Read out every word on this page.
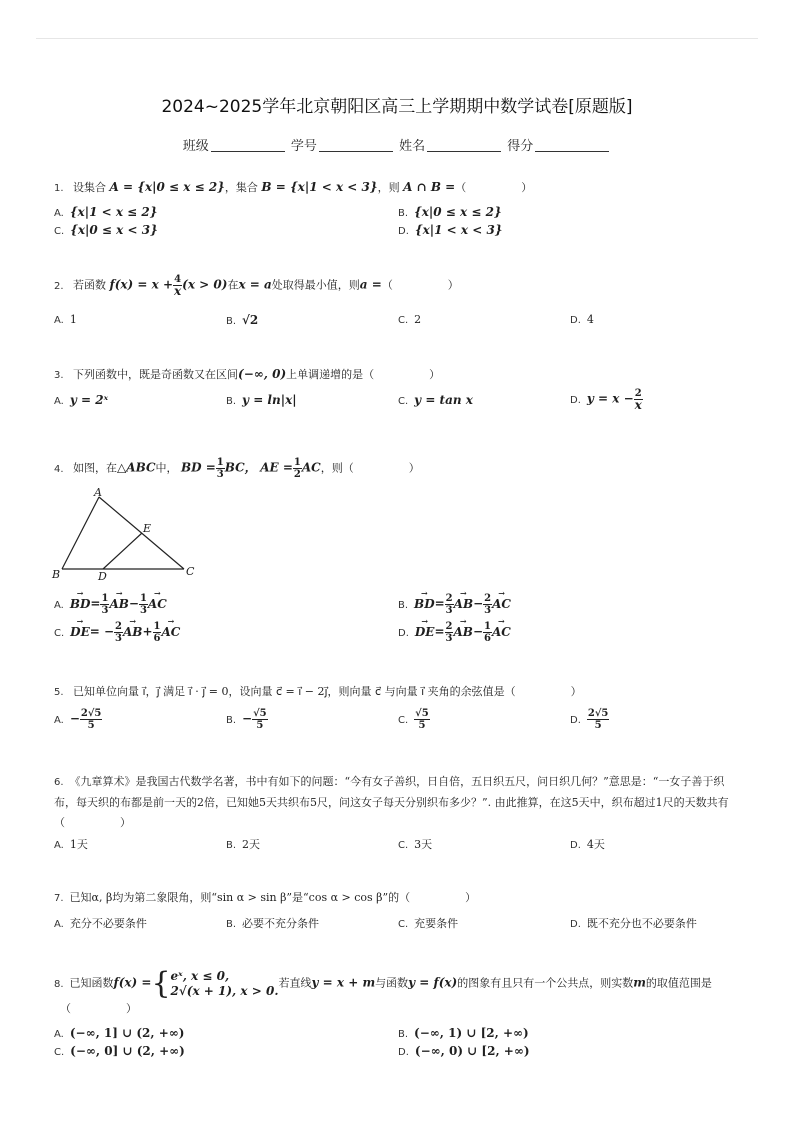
2024~2025学年北京朝阳区高三上学期期中数学试卷[原题版]
班级	学号	姓名	得分
1. 设集合 A = {x|0 ≤ x ≤ 2}，集合 B = {x|1 < x < 3}，则 A ∩ B =（　　　　　）
A. {x|1 < x ≤ 2}	B. {x|0 ≤ x ≤ 2}
C. {x|0 ≤ x < 3}	D. {x|1 < x < 3}
2. 若函数 $f(x) = x + \frac{4}{x} (x > 0)$在x = a处取得最小值，则a =（　　　　　）
A. 1	B. √2	C. 2	D. 4
3. 下列函数中，既是奇函数又在区间(−∞, 0)上单调递增的是（　　　　　）
A. y = 2ˣ	B. y = ln|x|	C. y = tan x	D. $y = x - \frac{2}{x}$
4. 如图，在△ABC中， BD = $\frac{1}{3}$ BC， AE = $\frac{1}{2}$ AC，则（　　　　　）
A
B	C
D
E
$A.\to BD= \frac{1}{3}$
→ $AB- \frac{1}{3}$
→ AC	$B.\to BD= \frac{2}{3}$
→ $AB- \frac{2}{3}$
→ AC
$C.\to DE= - \frac{2}{3}$
→ $AB+ \frac{1}{6}$
→ AC	$D.\to DE= \frac{2}{3}$
→ $AB- \frac{1}{6}$
→ AC
5. 已知单位向量 i⃗，j⃗ 满足 i⃗ · j⃗ = 0，设向量 c⃗ = i⃗ − 2j⃗，则向量 c⃗ 与向量 i⃗ 夹角的余弦值是（　　　　　）
A. − $\frac{2√5}{5}$	B. − $\frac{√5}{5}$	C. $\frac{√5}{5}$	D. $\frac{2√5}{5}$
6. 《九章算术》是我国古代数学名著，书中有如下的问题：“今有女子善织，日自倍，五日织五尺，问日织几何？”意思是：“一女子善于织布，每天织的布都是前一天的2倍，已知她5天共织布5尺，问这女子每天分别织布多少？”. 由此推算，在这5天中，织布超过1尺的天数共有（　　　　　）
A. 1天	B. 2天	C. 3天	D. 4天
7. 已知α, β均为第二象限角，则“sin α > sin β”是“cos α > cos β”的（　　　　　）
A. 充分不必要条件	B. 必要不充分条件	C. 充要条件	D. 既不充分也不必要条件
8. 已知函数f(x) ={ eˣ, x ≤ 0,
2√(x + 1), x > 0.
若直线y = x + m与函数y = f(x)的图象有且只有一个公共点，则实数m的取值范围是
（　　　　　）
A. (−∞, 1] ∪ (2, +∞)	B. (−∞, 1) ∪ [2, +∞)
C. (−∞, 0] ∪ (2, +∞)	D. (−∞, 0) ∪ [2, +∞)
